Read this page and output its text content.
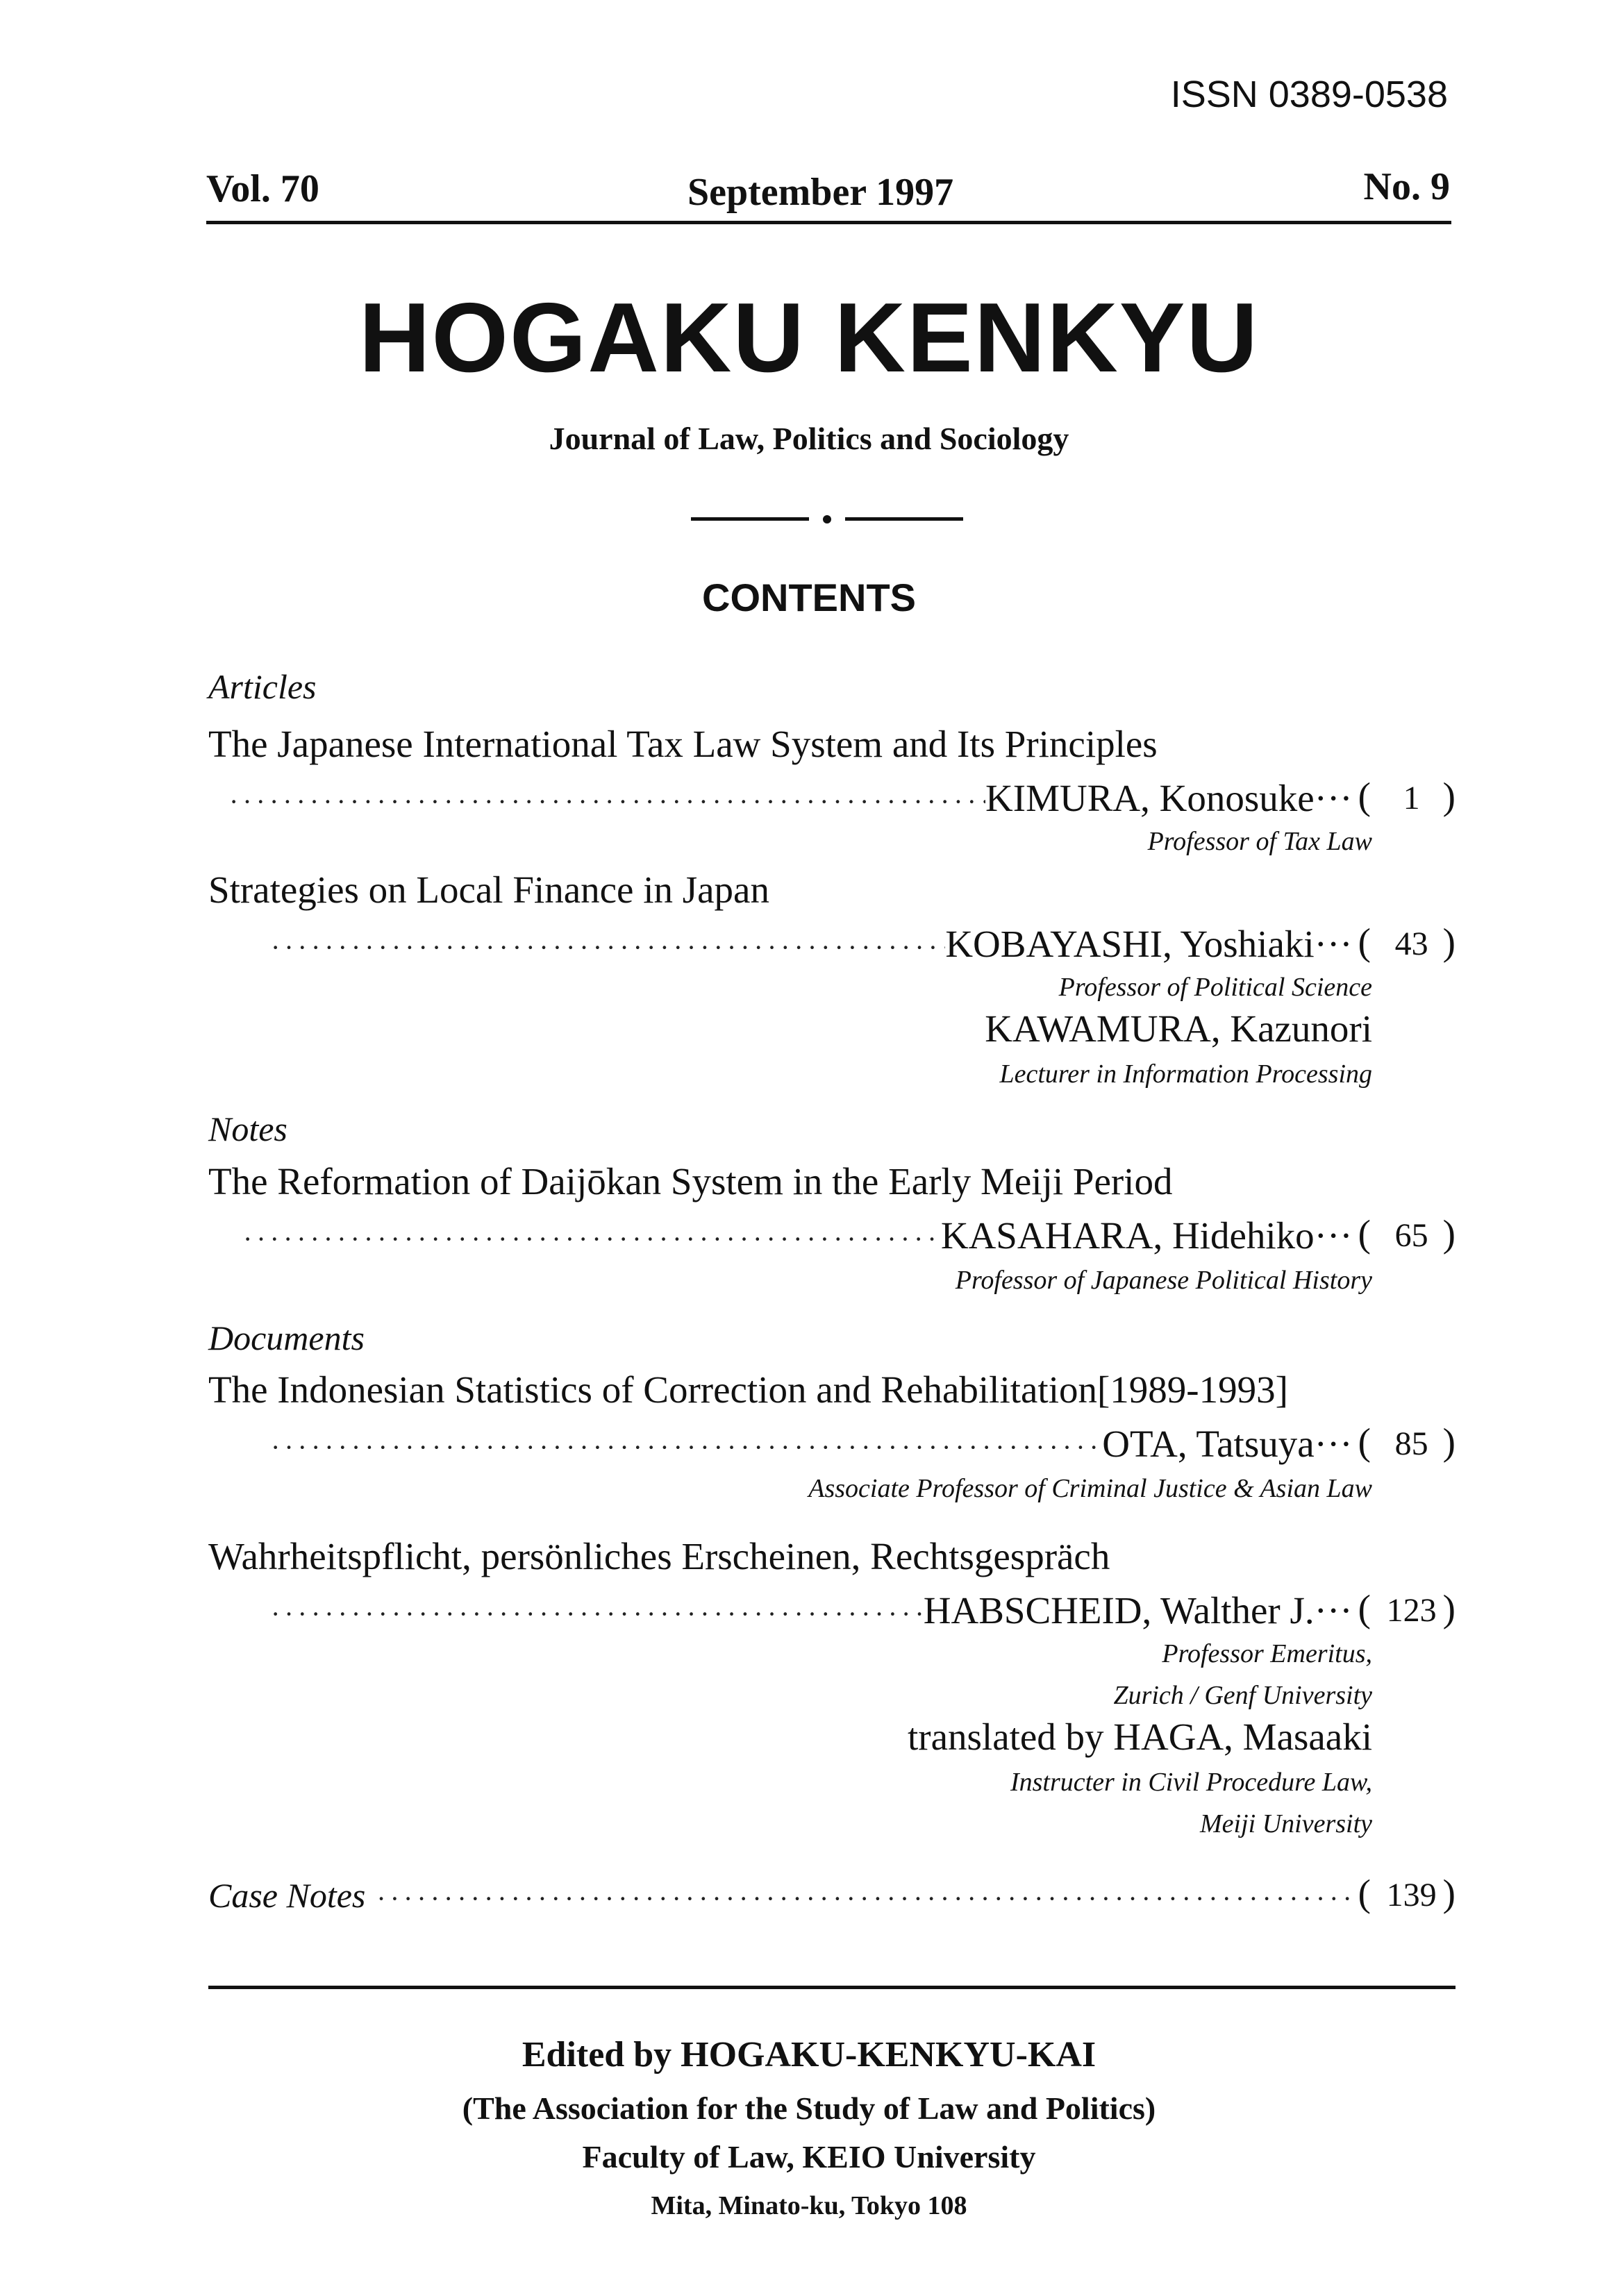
ISSN 0389-0538
Vol. 70	September 1997	No. 9
HOGAKU KENKYU
Journal of Law, Politics and Sociology
CONTENTS
Articles
The Japanese International Tax Law System and Its Principles
·····
KIMURA, Konosuke··· ( 1 )
Professor of Tax Law
Strategies on Local Finance in Japan
·····
KOBAYASHI, Yoshiaki··· ( 43 )
Professor of Political Science
KAWAMURA, Kazunori
Lecturer in Information Processing
Notes
The Reformation of Daijōkan System in the Early Meiji Period
·····
KASAHARA, Hidehiko··· ( 65 )
Professor of Japanese Political History
Documents
The Indonesian Statistics of Correction and Rehabilitation[1989-1993]
·····
OTA, Tatsuya··· ( 85 )
Associate Professor of Criminal Justice & Asian Law
Wahrheitspflicht, persönliches Erscheinen, Rechtsgespräch
·····
HABSCHEID, Walther J.··· ( 123 )
Professor Emeritus,
Zurich / Genf University
translated by HAGA, Masaaki
Instructer in Civil Procedure Law,
Meiji University
Case Notes
·····	( 139 )
Edited by HOGAKU-KENKYU-KAI
(The Association for the Study of Law and Politics)
Faculty of Law, KEIO University
Mita, Minato-ku, Tokyo 108
